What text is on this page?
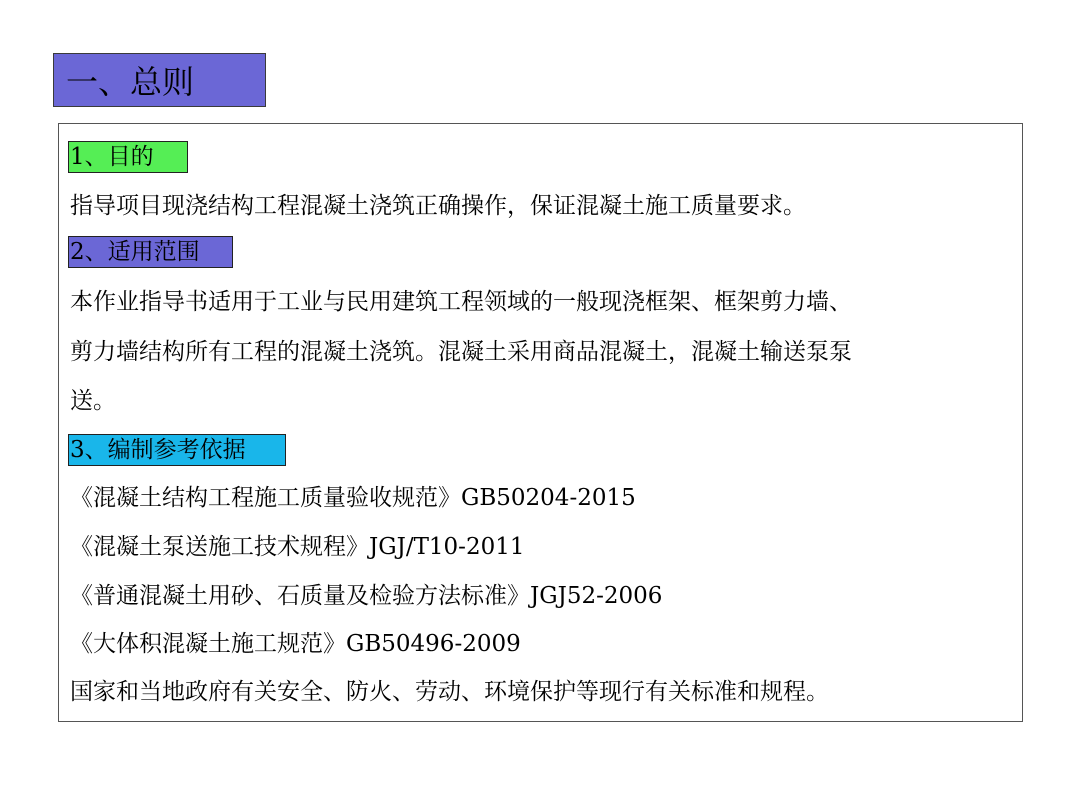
一、总则
1、目的
指导项目现浇结构工程混凝土浇筑正确操作，保证混凝土施工质量要求。
2、适用范围
本作业指导书适用于工业与民用建筑工程领域的一般现浇框架、框架剪力墙、
剪力墙结构所有工程的混凝土浇筑。混凝土采用商品混凝土，混凝土输送泵泵
送。
3、编制参考依据
《混凝土结构工程施工质量验收规范》GB50204-2015
《混凝土泵送施工技术规程》JGJ/T10-2011
《普通混凝土用砂、石质量及检验方法标准》JGJ52-2006
《大体积混凝土施工规范》GB50496-2009
国家和当地政府有关安全、防火、劳动、环境保护等现行有关标准和规程。
